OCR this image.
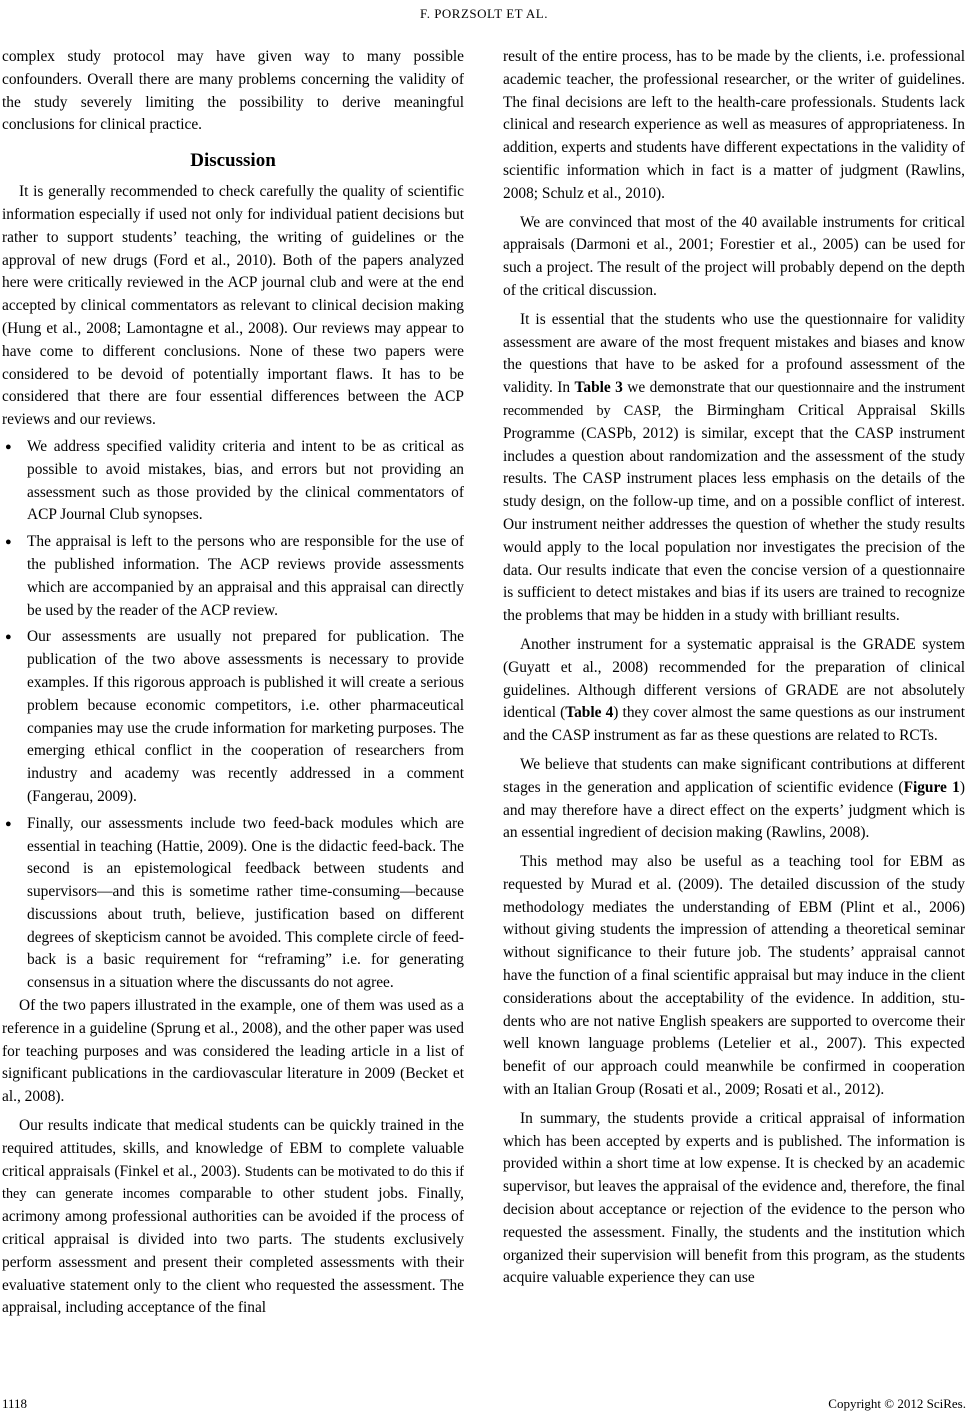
F. PORZSOLT ET AL.

complex study protocol may have given way to many possible confounders. Overall there are many problems concerning the validity of the study severely limiting the possibility to derive meaningful conclusions for clinical practice.

Discussion

It is generally recommended to check carefully the quality of scientific information especially if used not only for individual patient decisions but rather to support students’ teaching, the writing of guidelines or the approval of new drugs (Ford et al., 2010). Both of the papers analyzed here were critically reviewed in the ACP journal club and were at the end accepted by clinical commentators as relevant to clinical decision making (Hung et al., 2008; Lamontagne et al., 2008). Our reviews may appear to have come to different conclusions. None of these two papers were considered to be devoid of potentially important flaws. It has to be considered that there are four essential differences between the ACP reviews and our reviews.

● We address specified validity criteria and intent to be as critical as possible to avoid mistakes, bias, and errors but not providing an assessment such as those provided by the clinical commentators of ACP Journal Club synopses.
● The appraisal is left to the persons who are responsible for the use of the published information. The ACP reviews provide assessments which are accompanied by an appraisal and this appraisal can directly be used by the reader of the ACP review.
● Our assessments are usually not prepared for publication. The publication of the two above assessments is necessary to provide examples. If this rigorous approach is published it will create a serious problem because economic competitors, i.e. other pharmaceutical companies may use the crude information for marketing purposes. The emerging ethical conflict in the cooperation of researchers from industry and academy was recently addressed in a comment (Fangerau, 2009).
● Finally, our assessments include two feed-back modules which are essential in teaching (Hattie, 2009). One is the didactic feed-back. The second is an epistemological feedback between students and supervisors—and this is sometime rather time-consuming—because discussions about truth, believe, justification based on different degrees of skepticism cannot be avoided. This complete circle of feed-back is a basic requirement for “reframing” i.e. for generating consensus in a situation where the discussants do not agree.

Of the two papers illustrated in the example, one of them was used as a reference in a guideline (Sprung et al., 2008), and the other paper was used for teaching purposes and was considered the leading article in a list of significant publications in the cardiovascular literature in 2009 (Becket et al., 2008).

Our results indicate that medical students can be quickly trained in the required attitudes, skills, and knowledge of EBM to complete valuable critical appraisals (Finkel et al., 2003). Students can be motivated to do this if they can generate incomes comparable to other student jobs. Finally, acrimony among professional authorities can be avoided if the process of critical appraisal is divided into two parts. The students exclusively perform assessment and present their completed assessments with their evaluative statement only to the client who requested the assessment. The appraisal, including acceptance of the final

result of the entire process, has to be made by the clients, i.e. professional academic teacher, the professional researcher, or the writer of guidelines. The final decisions are left to the health-care professionals. Students lack clinical and research experience as well as measures of appropriateness. In addition, experts and students have different expectations in the validity of scientific information which in fact is a matter of judgment (Rawlins, 2008; Schulz et al., 2010).

We are convinced that most of the 40 available instruments for critical appraisals (Darmoni et al., 2001; Forestier et al., 2005) can be used for such a project. The result of the project will probably depend on the depth of the critical discussion.

It is essential that the students who use the questionnaire for validity assessment are aware of the most frequent mistakes and biases and know the questions that have to be asked for a profound assessment of the validity. In Table 3 we demonstrate that our questionnaire and the instrument recommended by CASP, the Birmingham Critical Appraisal Skills Programme (CASPb, 2012) is similar, except that the CASP instrument includes a question about randomization and the assessment of the study results. The CASP instrument places less emphasis on the details of the study design, on the follow-up time, and on a possible conflict of interest. Our instrument neither addresses the question of whether the study results would apply to the local population nor investigates the precision of the data. Our results indicate that even the concise version of a questionnaire is sufficient to detect mistakes and bias if its users are trained to recognize the problems that may be hidden in a study with brilliant results.

Another instrument for a systematic appraisal is the GRADE system (Guyatt et al., 2008) recommended for the preparation of clinical guidelines. Although different versions of GRADE are not absolutely identical (Table 4) they cover almost the same questions as our instrument and the CASP instrument as far as these questions are related to RCTs.

We believe that students can make significant contributions at different stages in the generation and application of scientific evidence (Figure 1) and may therefore have a direct effect on the experts’ judgment which is an essential ingredient of decision making (Rawlins, 2008).

This method may also be useful as a teaching tool for EBM as requested by Murad et al. (2009). The detailed discussion of the study methodology mediates the understanding of EBM (Plint et al., 2006) without giving students the impression of attending a theoretical seminar without significance to their future job. The students’ appraisal cannot have the function of a final scientific appraisal but may induce in the client considerations about the acceptability of the evidence. In addition, students who are not native English speakers are supported to overcome their well known language problems (Letelier et al., 2007). This expected benefit of our approach could meanwhile be confirmed in cooperation with an Italian Group (Rosati et al., 2009; Rosati et al., 2012).

In summary, the students provide a critical appraisal of information which has been accepted by experts and is published. The information is provided within a short time at low expense. It is checked by an academic supervisor, but leaves the appraisal of the evidence and, therefore, the final decision about acceptance or rejection of the evidence to the person who requested the assessment. Finally, the students and the institution which organized their supervision will benefit from this program, as the students acquire valuable experience they can use

1118	Copyright © 2012 SciRes.
